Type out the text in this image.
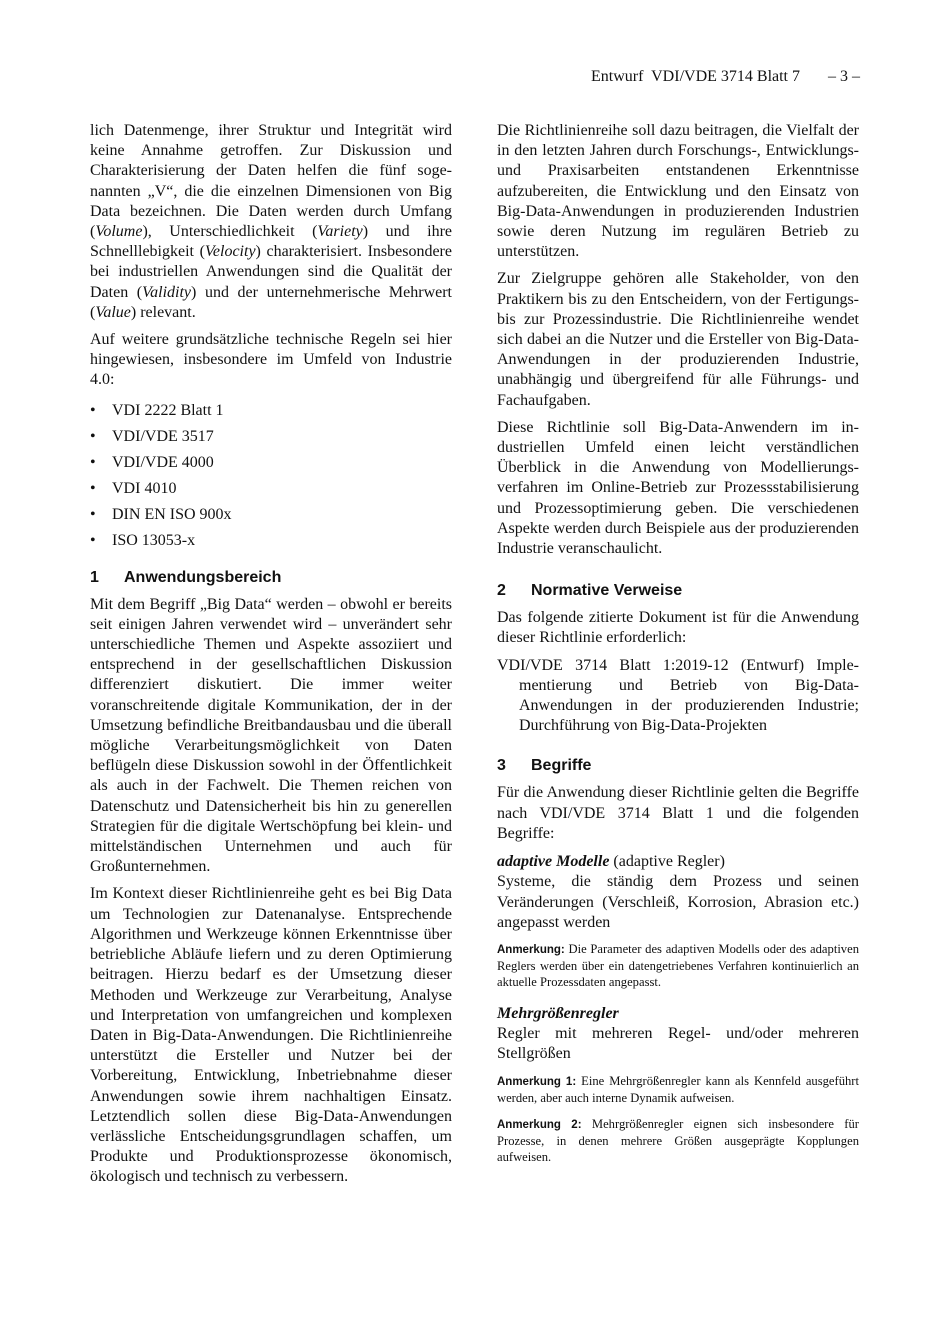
Entwurf  VDI/VDE 3714 Blatt 7 – 3 –

lich Datenmenge, ihrer Struktur und Integrität wird keine Annahme getroffen. Zur Diskussion und Charakterisierung der Daten helfen die fünf sogenannten „V“, die die einzelnen Dimensionen von Big Data bezeichnen. Die Daten werden durch Umfang (Volume), Unterschiedlichkeit (Variety) und ihre Schnelllebigkeit (Velocity) charakterisiert. Insbesondere bei industriellen Anwendungen sind die Qualität der Daten (Validity) und der unternehmerische Mehrwert (Value) relevant.

Auf weitere grundsätzliche technische Regeln sei hier hingewiesen, insbesondere im Umfeld von Industrie 4.0:

• VDI 2222 Blatt 1
• VDI/VDE 3517
• VDI/VDE 4000
• VDI 4010
• DIN EN ISO 900x
• ISO 13053-x
1 Anwendungsbereich

Mit dem Begriff „Big Data“ werden – obwohl er bereits seit einigen Jahren verwendet wird – unverändert sehr unterschiedliche Themen und Aspekte assoziiert und entsprechend in der gesellschaftlichen Diskussion differenziert diskutiert. Die immer weiter voranschreitende digitale Kommunikation, der in der Umsetzung befindliche Breitbandausbau und die überall mögliche Verarbeitungsmöglichkeit von Daten beflügeln diese Diskussion sowohl in der Öffentlichkeit als auch in der Fachwelt. Die Themen reichen von Datenschutz und Datensicherheit bis hin zu generellen Strategien für die digitale Wertschöpfung bei klein- und mittelständischen Unternehmen und auch für Großunternehmen.

Im Kontext dieser Richtlinienreihe geht es bei Big Data um Technologien zur Datenanalyse. Entsprechende Algorithmen und Werkzeuge können Erkenntnisse über betriebliche Abläufe liefern und zu deren Optimierung beitragen. Hierzu bedarf es der Umsetzung dieser Methoden und Werkzeuge zur Verarbeitung, Analyse und Interpretation von umfangreichen und komplexen Daten in Big-Data-Anwendungen. Die Richtlinienreihe unterstützt die Ersteller und Nutzer bei der Vorbereitung, Entwicklung, Inbetriebnahme dieser Anwendungen sowie ihrem nachhaltigen Einsatz. Letztendlich sollen diese Big-Data-Anwendungen verlässliche Entscheidungsgrundlagen schaffen, um Produkte und Produktionsprozesse ökonomisch, ökologisch und technisch zu verbessern.

Die Richtlinienreihe soll dazu beitragen, die Vielfalt der in den letzten Jahren durch Forschungs-, Entwicklungs- und Praxisarbeiten entstandenen Erkenntnisse aufzubereiten, die Entwicklung und den Einsatz von Big-Data-Anwendungen in produzierenden Industrien sowie deren Nutzung im regulären Betrieb zu unterstützen.

Zur Zielgruppe gehören alle Stakeholder, von den Praktikern bis zu den Entscheidern, von der Fertigungs- bis zur Prozessindustrie. Die Richtlinienreihe wendet sich dabei an die Nutzer und die Ersteller von Big-Data-Anwendungen in der produzierenden Industrie, unabhängig und übergreifend für alle Führungs- und Fachaufgaben.

Diese Richtlinie soll Big-Data-Anwendern im industriellen Umfeld einen leicht verständlichen Überblick in die Anwendung von Modellierungsverfahren im Online-Betrieb zur Prozessstabilisierung und Prozessoptimierung geben. Die verschiedenen Aspekte werden durch Beispiele aus der produzierenden Industrie veranschaulicht.

2 Normative Verweise

Das folgende zitierte Dokument ist für die Anwendung dieser Richtlinie erforderlich:

VDI/VDE 3714 Blatt 1:2019-12 (Entwurf) Implementierung und Betrieb von Big-Data-Anwendungen in der produzierenden Industrie; Durchführung von Big-Data-Projekten

3 Begriffe

Für die Anwendung dieser Richtlinie gelten die Begriffe nach VDI/VDE 3714 Blatt 1 und die folgenden Begriffe:

adaptive Modelle (adaptive Regler)

Systeme, die ständig dem Prozess und seinen Veränderungen (Verschleiß, Korrosion, Abrasion etc.) angepasst werden

Anmerkung: Die Parameter des adaptiven Modells oder des adaptiven Reglers werden über ein datengetriebenes Verfahren kontinuierlich an aktuelle Prozessdaten angepasst.

Mehrgrößenregler

Regler mit mehreren Regel- und/oder mehreren Stellgrößen

Anmerkung 1: Eine Mehrgrößenregler kann als Kennfeld ausgeführt werden, aber auch interne Dynamik aufweisen.

Anmerkung 2: Mehrgrößenregler eignen sich insbesondere für Prozesse, in denen mehrere Größen ausgeprägte Kopplungen aufweisen.
